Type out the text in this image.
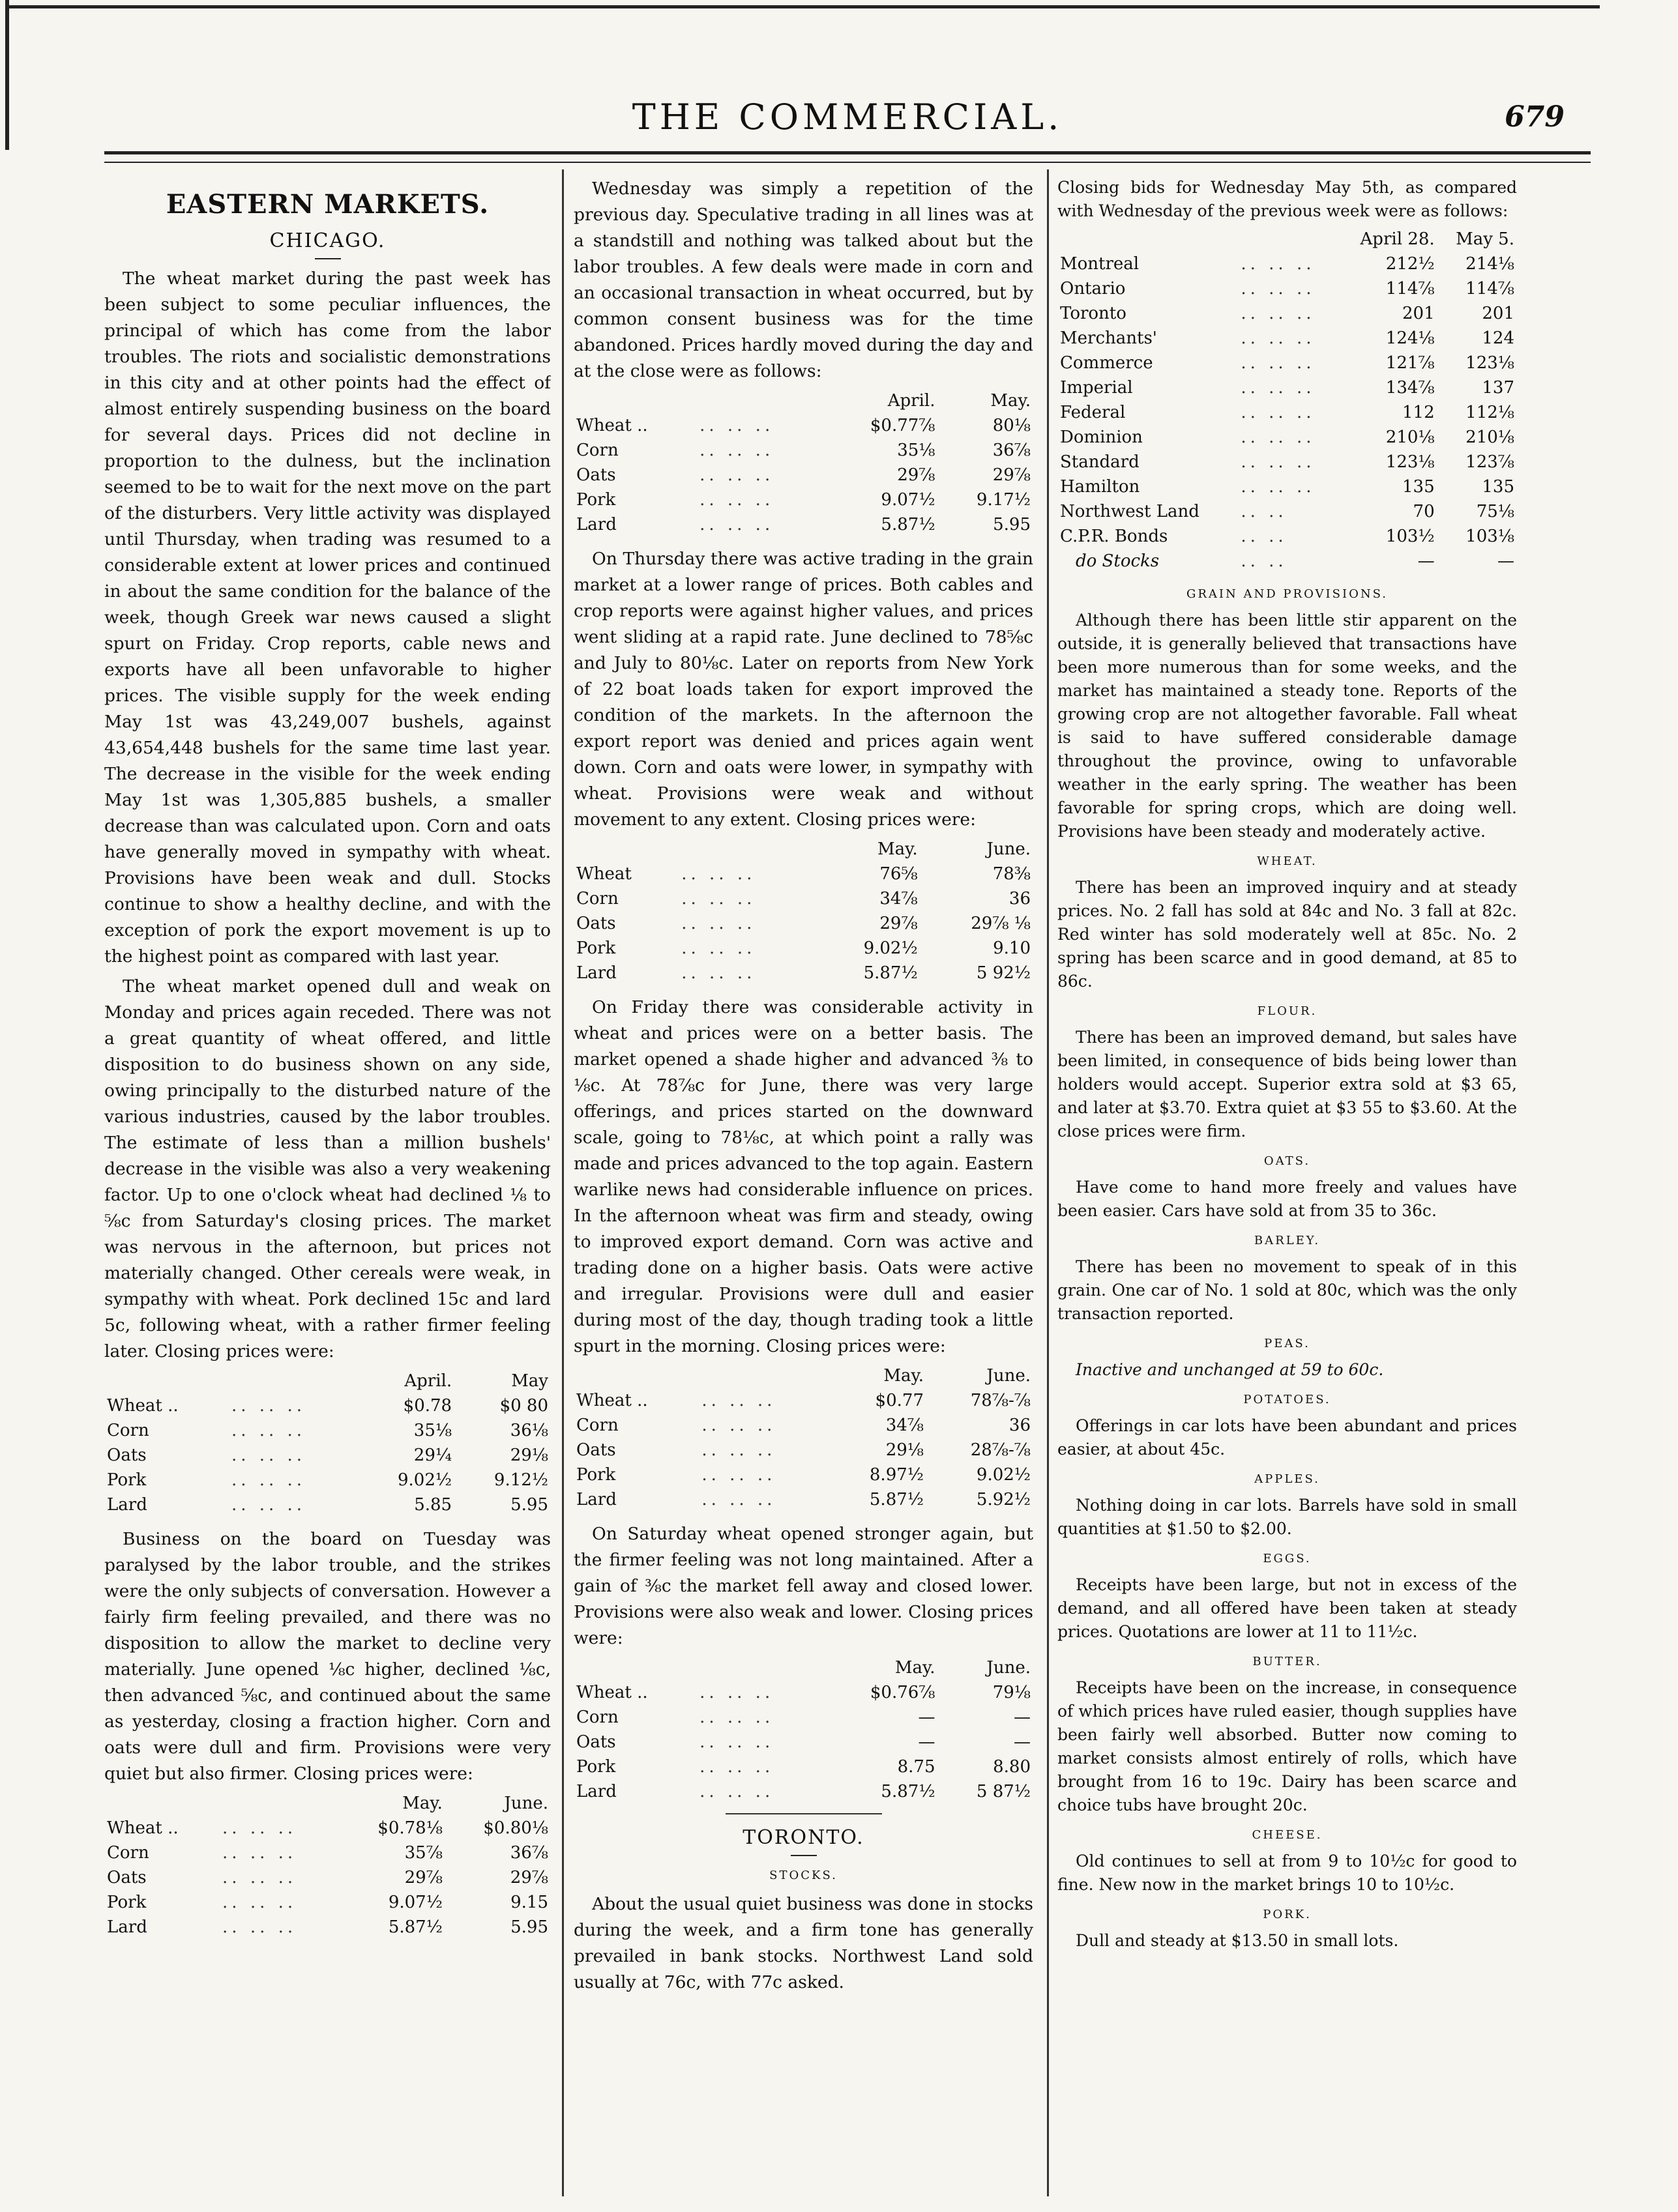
THE COMMERCIAL.	679
EASTERN MARKETS.
CHICAGO.

The wheat market during the past week has been subject to some peculiar influences, the principal of which has come from the labor troubles. The riots and socialistic demonstrations in this city and at other points had the effect of almost entirely suspending business on the board for several days. Prices did not decline in proportion to the dulness, but the inclination seemed to be to wait for the next move on the part of the disturbers. Very little activity was displayed until Thursday, when trading was resumed to a considerable extent at lower prices and continued in about the same condition for the balance of the week, though Greek war news caused a slight spurt on Friday. Crop reports, cable news and exports have all been unfavorable to higher prices. The visible supply for the week ending May 1st was 43,249,007 bushels, against 43,654,448 bushels for the same time last year. The decrease in the visible for the week ending May 1st was 1,305,885 bushels, a smaller decrease than was calculated upon. Corn and oats have generally moved in sympathy with wheat. Provisions have been weak and dull. Stocks continue to show a healthy decline, and with the exception of pork the export movement is up to the highest point as compared with last year.

The wheat market opened dull and weak on Monday and prices again receded. There was not a great quantity of wheat offered, and little disposition to do business shown on any side, owing principally to the disturbed nature of the various industries, caused by the labor troubles. The estimate of less than a million bushels' decrease in the visible was also a very weakening factor. Up to one o'clock wheat had declined ⅛ to ⅝c from Saturday's closing prices. The market was nervous in the afternoon, but prices not materially changed. Other cereals were weak, in sympathy with wheat. Pork declined 15c and lard 5c, following wheat, with a rather firmer feeling later. Closing prices were:

		April.	May
Wheat ..	.. .. ..	$0.78	$0 80
Corn	.. .. ..	35⅛	36⅛
Oats	.. .. ..	29¼	29⅛
Pork	.. .. ..	9.02½	9.12½
Lard	.. .. ..	5.85	5.95

Business on the board on Tuesday was paralysed by the labor trouble, and the strikes were the only subjects of conversation. However a fairly firm feeling prevailed, and there was no disposition to allow the market to decline very materially. June opened ⅛c higher, declined ⅛c, then advanced ⅝c, and continued about the same as yesterday, closing a fraction higher. Corn and oats were dull and firm. Provisions were very quiet but also firmer. Closing prices were:

		May.	June.
Wheat ..	.. .. ..	$0.78⅛	$0.80⅛
Corn	.. .. ..	35⅞	36⅞
Oats	.. .. ..	29⅞	29⅞
Pork	.. .. ..	9.07½	9.15
Lard	.. .. ..	5.87½	5.95

Wednesday was simply a repetition of the previous day. Speculative trading in all lines was at a standstill and nothing was talked about but the labor troubles. A few deals were made in corn and an occasional transaction in wheat occurred, but by common consent business was for the time abandoned. Prices hardly moved during the day and at the close were as follows:

		April.	May.
Wheat ..	.. .. ..	$0.77⅞	80⅛
Corn	.. .. ..	35⅛	36⅞
Oats	.. .. ..	29⅞	29⅞
Pork	.. .. ..	9.07½	9.17½
Lard	.. .. ..	5.87½	5.95

On Thursday there was active trading in the grain market at a lower range of prices. Both cables and crop reports were against higher values, and prices went sliding at a rapid rate. June declined to 78⅝c and July to 80⅛c. Later on reports from New York of 22 boat loads taken for export improved the condition of the markets. In the afternoon the export report was denied and prices again went down. Corn and oats were lower, in sympathy with wheat. Provisions were weak and without movement to any extent. Closing prices were:

		May.	June.
Wheat	.. .. ..	76⅝	78⅜
Corn	.. .. ..	34⅞	36
Oats	.. .. ..	29⅞	29⅞ ⅛
Pork	.. .. ..	9.02½	9.10
Lard	.. .. ..	5.87½	5 92½

On Friday there was considerable activity in wheat and prices were on a better basis. The market opened a shade higher and advanced ⅜ to ⅛c. At 78⅞c for June, there was very large offerings, and prices started on the downward scale, going to 78⅛c, at which point a rally was made and prices advanced to the top again. Eastern warlike news had considerable influence on prices. In the afternoon wheat was firm and steady, owing to improved export demand. Corn was active and trading done on a higher basis. Oats were active and irregular. Provisions were dull and easier during most of the day, though trading took a little spurt in the morning. Closing prices were:

		May.	June.
Wheat ..	.. .. ..	$0.77	78⅞-⅞
Corn	.. .. ..	34⅞	36
Oats	.. .. ..	29⅛	28⅞-⅞
Pork	.. .. ..	8.97½	9.02½
Lard	.. .. ..	5.87½	5.92½

On Saturday wheat opened stronger again, but the firmer feeling was not long maintained. After a gain of ⅜c the market fell away and closed lower. Provisions were also weak and lower. Closing prices were:

		May.	June.
Wheat ..	.. .. ..	$0.76⅞	79⅛
Corn	.. .. ..	—	—
Oats	.. .. ..	—	—
Pork	.. .. ..	8.75	8.80
Lard	.. .. ..	5.87½	5 87½
TORONTO.
STOCKS.

About the usual quiet business was done in stocks during the week, and a firm tone has generally prevailed in bank stocks. Northwest Land sold usually at 76c, with 77c asked.

Closing bids for Wednesday May 5th, as compared with Wednesday of the previous week were as follows:

		April 28.	May 5.
Montreal	.. .. ..	212½	214⅛
Ontario	.. .. ..	114⅞	114⅞
Toronto	.. .. ..	201	201
Merchants'	.. .. ..	124⅛	124
Commerce	.. .. ..	121⅞	123⅛
Imperial	.. .. ..	134⅞	137
Federal	.. .. ..	112	112⅛
Dominion	.. .. ..	210⅛	210⅛
Standard	.. .. ..	123⅛	123⅞
Hamilton	.. .. ..	135	135
Northwest Land	.. ..	70	75⅛
C.P.R. Bonds	.. ..	103½	103⅛
do Stocks	.. ..	—	—
GRAIN AND PROVISIONS.

Although there has been little stir apparent on the outside, it is generally believed that transactions have been more numerous than for some weeks, and the market has maintained a steady tone. Reports of the growing crop are not altogether favorable. Fall wheat is said to have suffered considerable damage throughout the province, owing to unfavorable weather in the early spring. The weather has been favorable for spring crops, which are doing well. Provisions have been steady and moderately active.

WHEAT.

There has been an improved inquiry and at steady prices. No. 2 fall has sold at 84c and No. 3 fall at 82c. Red winter has sold moderately well at 85c. No. 2 spring has been scarce and in good demand, at 85 to 86c.

FLOUR.

There has been an improved demand, but sales have been limited, in consequence of bids being lower than holders would accept. Superior extra sold at $3 65, and later at $3.70. Extra quiet at $3 55 to $3.60. At the close prices were firm.

OATS.

Have come to hand more freely and values have been easier. Cars have sold at from 35 to 36c.

BARLEY.

There has been no movement to speak of in this grain. One car of No. 1 sold at 80c, which was the only transaction reported.

PEAS.

Inactive and unchanged at 59 to 60c.

POTATOES.

Offerings in car lots have been abundant and prices easier, at about 45c.

APPLES.

Nothing doing in car lots. Barrels have sold in small quantities at $1.50 to $2.00.

EGGS.

Receipts have been large, but not in excess of the demand, and all offered have been taken at steady prices. Quotations are lower at 11 to 11½c.

BUTTER.

Receipts have been on the increase, in consequence of which prices have ruled easier, though supplies have been fairly well absorbed. Butter now coming to market consists almost entirely of rolls, which have brought from 16 to 19c. Dairy has been scarce and choice tubs have brought 20c.

CHEESE.

Old continues to sell at from 9 to 10½c for good to fine. New now in the market brings 10 to 10½c.

PORK.

Dull and steady at $13.50 in small lots.
